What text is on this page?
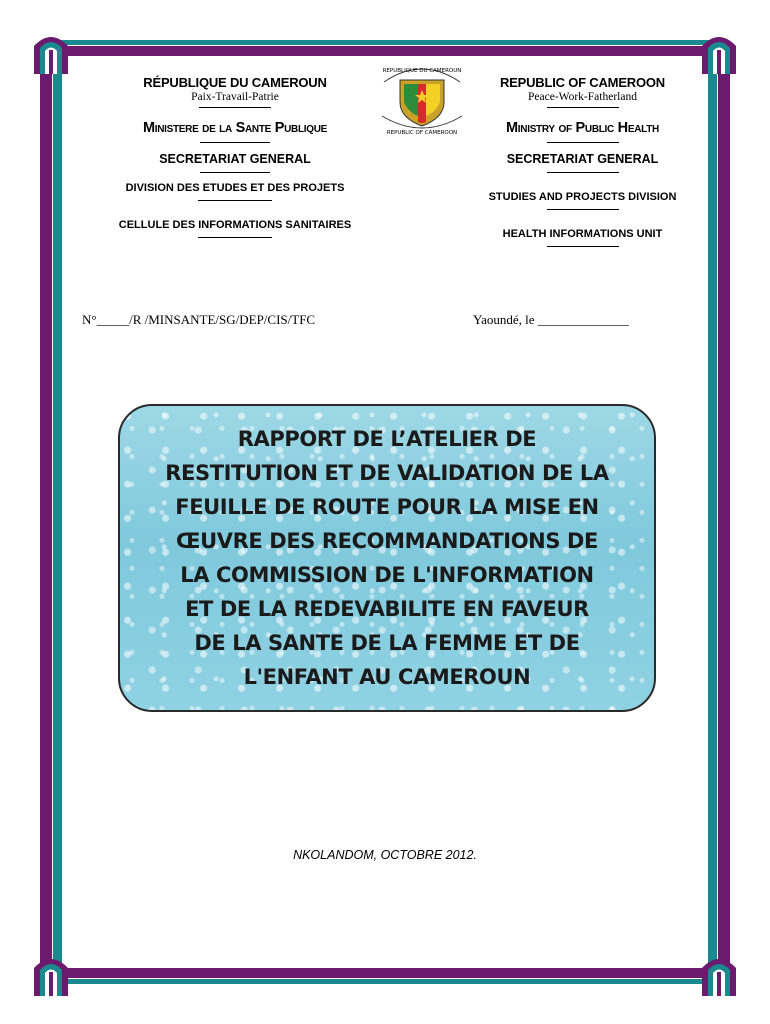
RÉPUBLIQUE DU CAMEROUN
Paix-Travail-Patrie
Ministere de la Sante Publique
SECRETARIAT GENERAL
DIVISION DES ETUDES ET DES PROJETS
CELLULE DES INFORMATIONS SANITAIRES
REPUBLIQUE DU CAMEROUN
REPUBLIC OF CAMEROON
REPUBLIC OF CAMEROON
Peace-Work-Fatherland
Ministry of Public Health
SECRETARIAT GENERAL
STUDIES AND PROJECTS DIVISION
HEALTH INFORMATIONS UNIT
N°_____/R /MINSANTE/SG/DEP/CIS/TFC	Yaoundé, le ______________
RAPPORT DE L’ATELIER DE
RESTITUTION ET DE VALIDATION DE LA
FEUILLE DE ROUTE POUR LA MISE EN
ŒUVRE DES RECOMMANDATIONS DE
LA COMMISSION DE L'INFORMATION
ET DE LA REDEVABILITE EN FAVEUR
DE LA SANTE DE LA FEMME ET DE
L'ENFANT AU CAMEROUN
NKOLANDOM, OCTOBRE 2012.
